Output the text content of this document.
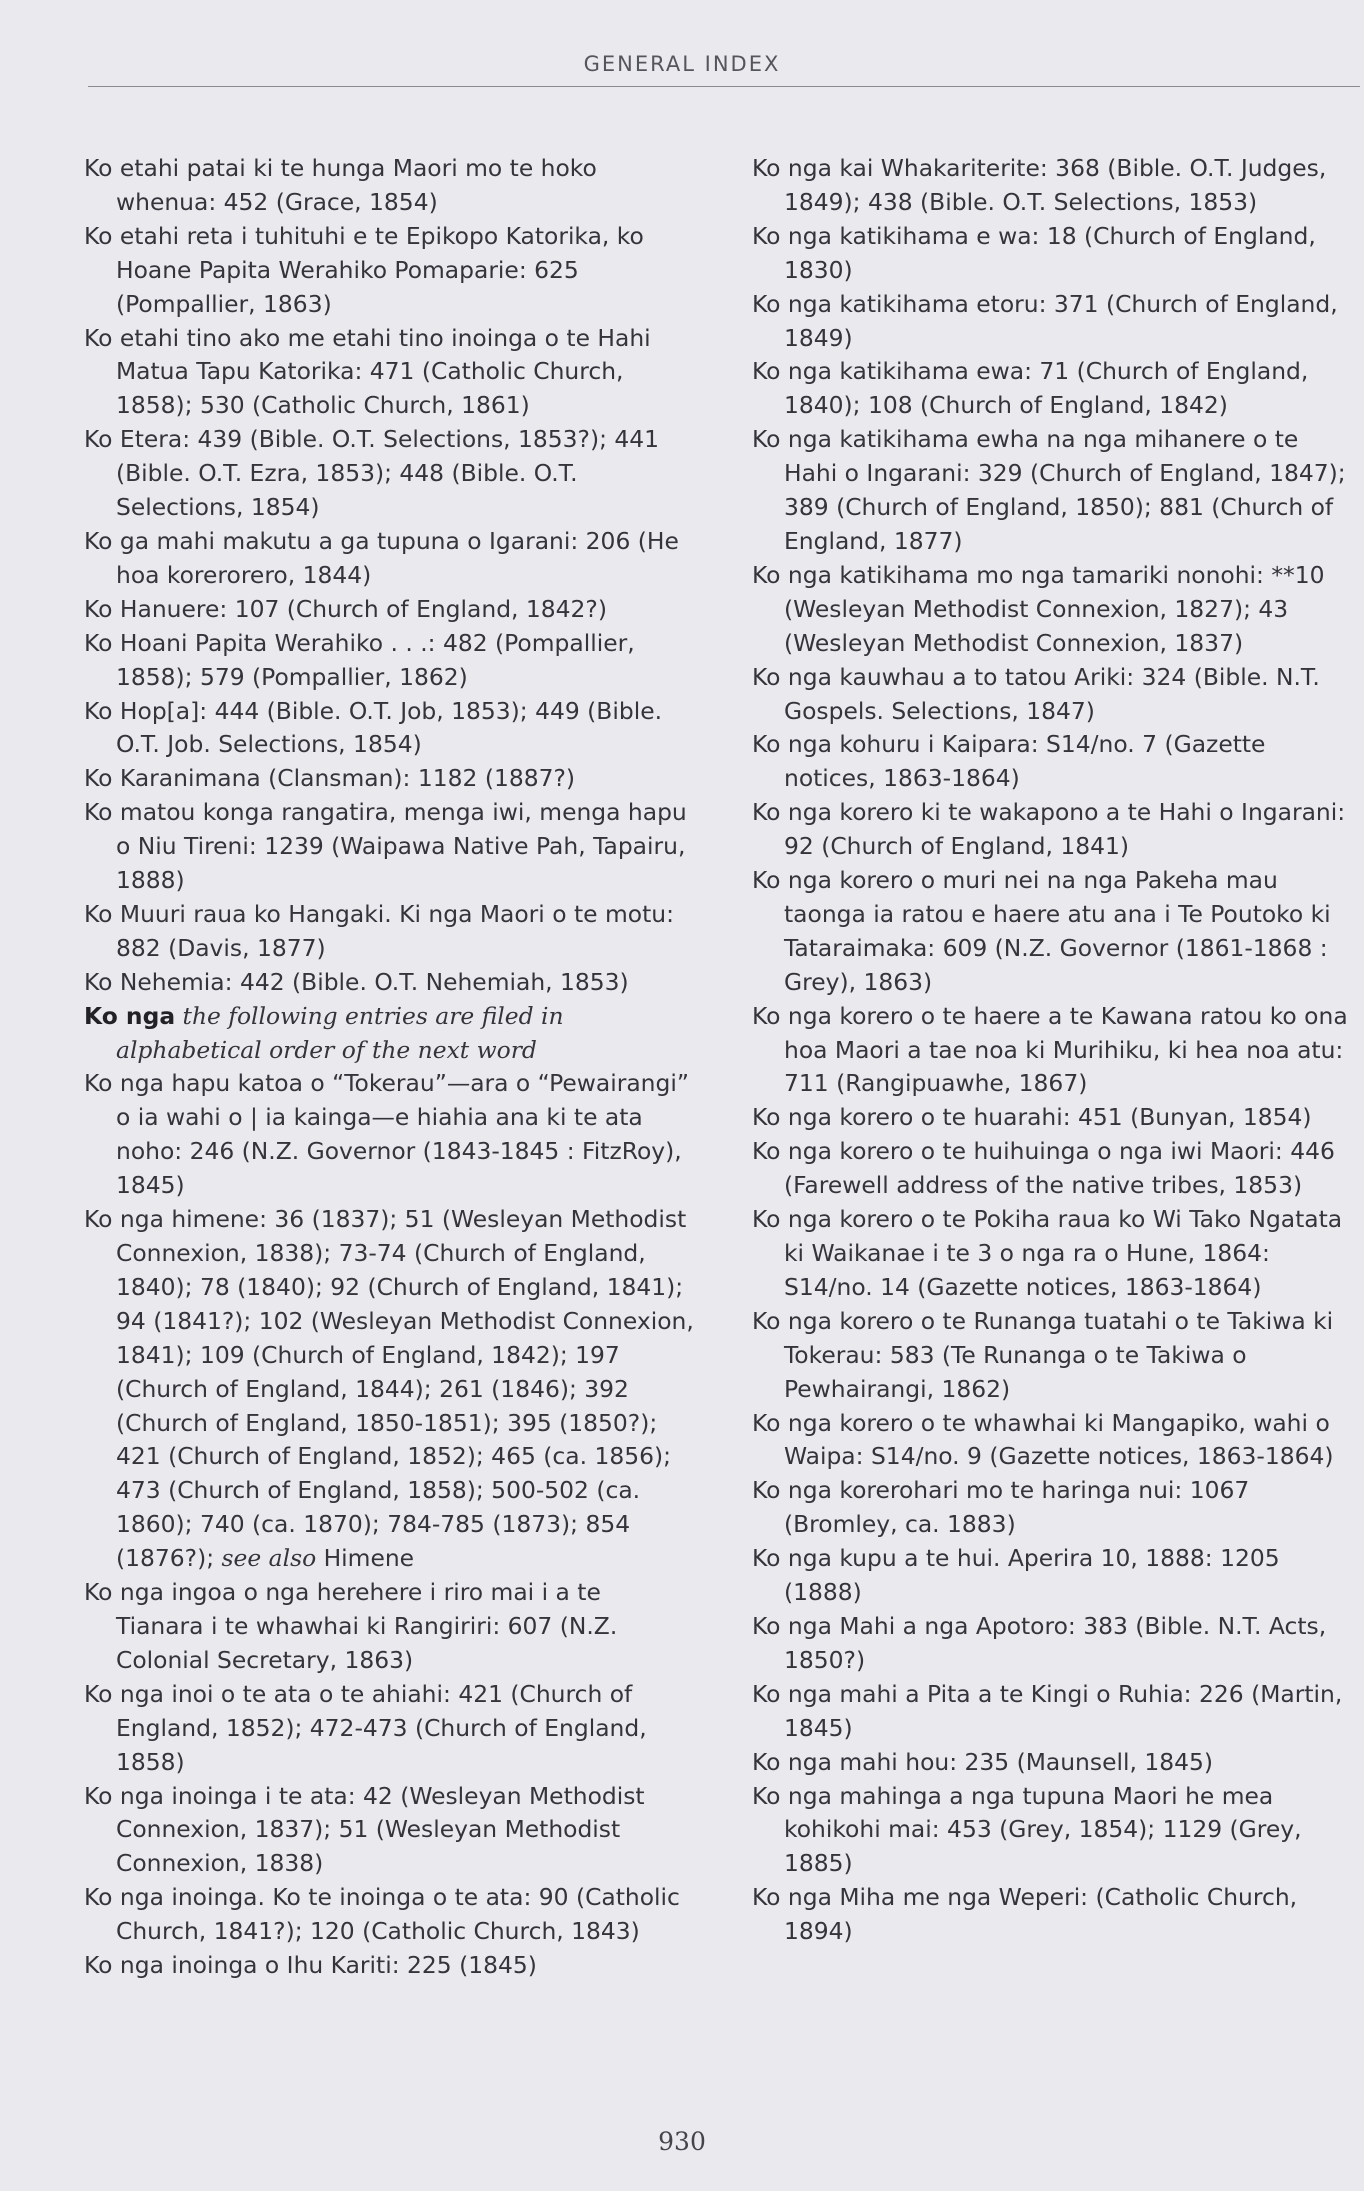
GENERAL INDEX

Ko etahi patai ki te hunga Maori mo te hoko whenua: 452 (Grace, 1854)

Ko etahi reta i tuhituhi e te Epikopo Katorika, ko Hoane Papita Werahiko Pomaparie: 625 (Pompallier, 1863)

Ko etahi tino ako me etahi tino inoinga o te Hahi Matua Tapu Katorika: 471 (Catholic Church, 1858); 530 (Catholic Church, 1861)

Ko Etera: 439 (Bible. O.T. Selections, 1853?); 441 (Bible. O.T. Ezra, 1853); 448 (Bible. O.T. Selections, 1854)

Ko ga mahi makutu a ga tupuna o Igarani: 206 (He hoa korerorero, 1844)

Ko Hanuere: 107 (Church of England, 1842?)

Ko Hoani Papita Werahiko . . .: 482 (Pompallier, 1858); 579 (Pompallier, 1862)

Ko Hop[a]: 444 (Bible. O.T. Job, 1853); 449 (Bible. O.T. Job. Selections, 1854)

Ko Karanimana (Clansman): 1182 (1887?)

Ko matou konga rangatira, menga iwi, menga hapu o Niu Tireni: 1239 (Waipawa Native Pah, Tapairu, 1888)

Ko Muuri raua ko Hangaki. Ki nga Maori o te motu: 882 (Davis, 1877)

Ko Nehemia: 442 (Bible. O.T. Nehemiah, 1853)

Ko nga the following entries are filed in alphabetical order of the next word

Ko nga hapu katoa o “Tokerau”—ara o “Pewairangi” o ia wahi o | ia kainga—e hiahia ana ki te ata noho: 246 (N.Z. Governor (1843-1845 : FitzRoy), 1845)

Ko nga himene: 36 (1837); 51 (Wesleyan Methodist Connexion, 1838); 73-74 (Church of England, 1840); 78 (1840); 92 (Church of England, 1841); 94 (1841?); 102 (Wesleyan Methodist Connexion, 1841); 109 (Church of England, 1842); 197 (Church of England, 1844); 261 (1846); 392 (Church of England, 1850-1851); 395 (1850?); 421 (Church of England, 1852); 465 (ca. 1856); 473 (Church of England, 1858); 500-502 (ca. 1860); 740 (ca. 1870); 784-785 (1873); 854 (1876?); see also Himene

Ko nga ingoa o nga herehere i riro mai i a te Tianara i te whawhai ki Rangiriri: 607 (N.Z. Colonial Secretary, 1863)

Ko nga inoi o te ata o te ahiahi: 421 (Church of England, 1852); 472-473 (Church of England, 1858)

Ko nga inoinga i te ata: 42 (Wesleyan Methodist Connexion, 1837); 51 (Wesleyan Methodist Connexion, 1838)

Ko nga inoinga. Ko te inoinga o te ata: 90 (Catholic Church, 1841?); 120 (Catholic Church, 1843)

Ko nga inoinga o Ihu Kariti: 225 (1845)

Ko nga kai Whakariterite: 368 (Bible. O.T. Judges, 1849); 438 (Bible. O.T. Selections, 1853)

Ko nga katikihama e wa: 18 (Church of England, 1830)

Ko nga katikihama etoru: 371 (Church of England, 1849)

Ko nga katikihama ewa: 71 (Church of England, 1840); 108 (Church of England, 1842)

Ko nga katikihama ewha na nga mihanere o te Hahi o Ingarani: 329 (Church of England, 1847); 389 (Church of England, 1850); 881 (Church of England, 1877)

Ko nga katikihama mo nga tamariki nonohi: **10 (Wesleyan Methodist Connexion, 1827); 43 (Wesleyan Methodist Connexion, 1837)

Ko nga kauwhau a to tatou Ariki: 324 (Bible. N.T. Gospels. Selections, 1847)

Ko nga kohuru i Kaipara: S14/no. 7 (Gazette notices, 1863-1864)

Ko nga korero ki te wakapono a te Hahi o Ingarani: 92 (Church of England, 1841)

Ko nga korero o muri nei na nga Pakeha mau taonga ia ratou e haere atu ana i Te Poutoko ki Tataraimaka: 609 (N.Z. Governor (1861-1868 : Grey), 1863)

Ko nga korero o te haere a te Kawana ratou ko ona hoa Maori a tae noa ki Murihiku, ki hea noa atu: 711 (Rangipuawhe, 1867)

Ko nga korero o te huarahi: 451 (Bunyan, 1854)

Ko nga korero o te huihuinga o nga iwi Maori: 446 (Farewell address of the native tribes, 1853)

Ko nga korero o te Pokiha raua ko Wi Tako Ngatata ki Waikanae i te 3 o nga ra o Hune, 1864: S14/no. 14 (Gazette notices, 1863-1864)

Ko nga korero o te Runanga tuatahi o te Takiwa ki Tokerau: 583 (Te Runanga o te Takiwa o Pewhairangi, 1862)

Ko nga korero o te whawhai ki Mangapiko, wahi o Waipa: S14/no. 9 (Gazette notices, 1863-1864)

Ko nga korerohari mo te haringa nui: 1067 (Bromley, ca. 1883)

Ko nga kupu a te hui. Aperira 10, 1888: 1205 (1888)

Ko nga Mahi a nga Apotoro: 383 (Bible. N.T. Acts, 1850?)

Ko nga mahi a Pita a te Kingi o Ruhia: 226 (Martin, 1845)

Ko nga mahi hou: 235 (Maunsell, 1845)

Ko nga mahinga a nga tupuna Maori he mea kohikohi mai: 453 (Grey, 1854); 1129 (Grey, 1885)

Ko nga Miha me nga Weperi: (Catholic Church, 1894)

930
